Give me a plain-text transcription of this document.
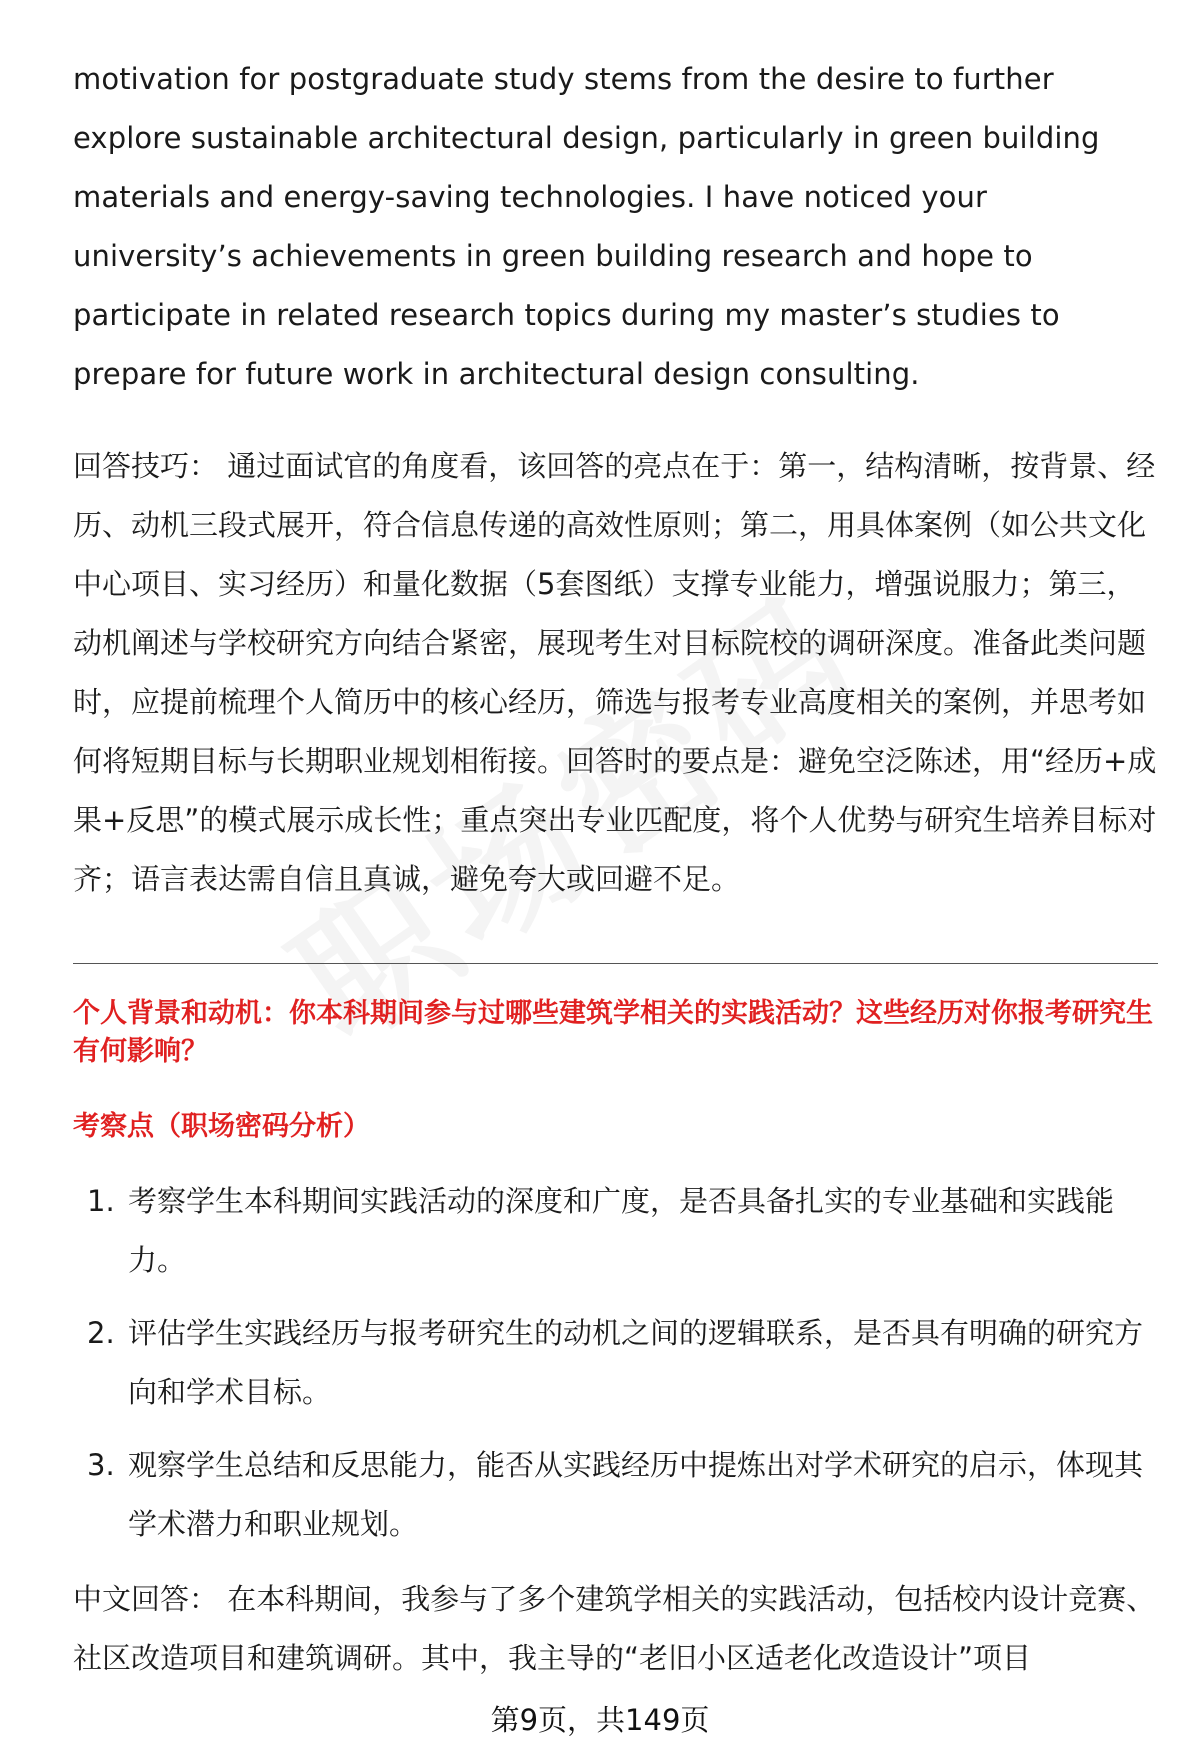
motivation for postgraduate study stems from the desire to further explore sustainable architectural design, particularly in green building materials and energy-saving technologies. I have noticed your university’s achievements in green building research and hope to participate in related research topics during my master’s studies to prepare for future work in architectural design consulting.

回答技巧： 通过面试官的角度看，该回答的亮点在于：第一，结构清晰，按背景、经历、动机三段式展开，符合信息传递的高效性原则；第二，用具体案例（如公共文化中心项目、实习经历）和量化数据（5套图纸）支撑专业能力，增强说服力；第三，动机阐述与学校研究方向结合紧密，展现考生对目标院校的调研深度。准备此类问题时，应提前梳理个人简历中的核心经历，筛选与报考专业高度相关的案例，并思考如何将短期目标与长期职业规划相衔接。回答时的要点是：避免空泛陈述，用“经历+成果+反思”的模式展示成长性；重点突出专业匹配度，将个人优势与研究生培养目标对齐；语言表达需自信且真诚，避免夸大或回避不足。

个人背景和动机：你本科期间参与过哪些建筑学相关的实践活动？这些经历对你报考研究生有何影响？

考察点（职场密码分析）

1. 考察学生本科期间实践活动的深度和广度，是否具备扎实的专业基础和实践能力。
2. 评估学生实践经历与报考研究生的动机之间的逻辑联系，是否具有明确的研究方向和学术目标。
3. 观察学生总结和反思能力，能否从实践经历中提炼出对学术研究的启示，体现其学术潜力和职业规划。

中文回答： 在本科期间，我参与了多个建筑学相关的实践活动，包括校内设计竞赛、社区改造项目和建筑调研。其中，我主导的“老旧小区适老化改造设计”项目

第9页，共149页
